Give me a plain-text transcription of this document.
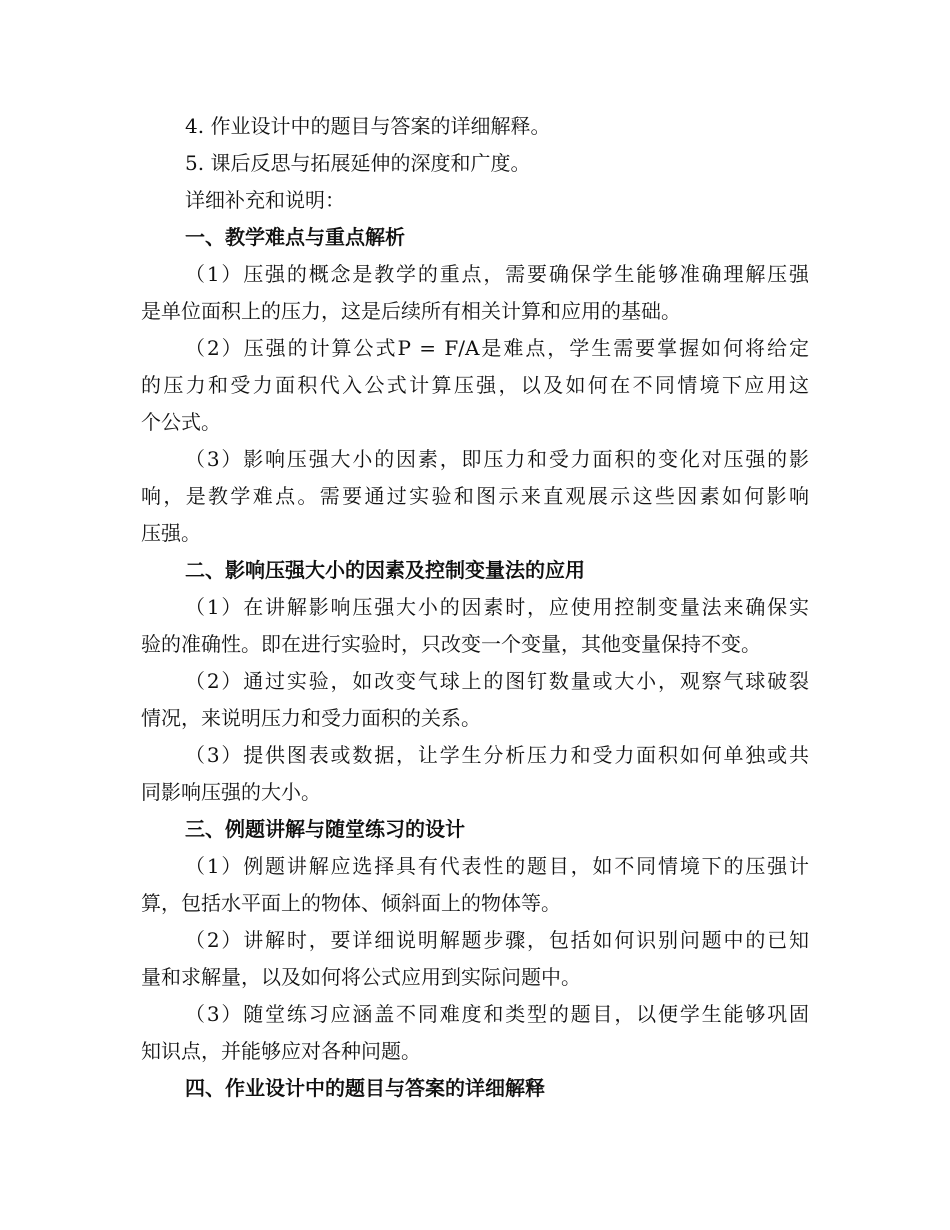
4. 作业设计中的题目与答案的详细解释。
5. 课后反思与拓展延伸的深度和广度。
详细补充和说明：
一、教学难点与重点解析
（1）压强的概念是教学的重点，需要确保学生能够准确理解压强
是单位面积上的压力，这是后续所有相关计算和应用的基础。
（2）压强的计算公式P = F/A是难点，学生需要掌握如何将给定
的压力和受力面积代入公式计算压强，以及如何在不同情境下应用这
个公式。
（3）影响压强大小的因素，即压力和受力面积的变化对压强的影
响，是教学难点。需要通过实验和图示来直观展示这些因素如何影响
压强。
二、影响压强大小的因素及控制变量法的应用
（1）在讲解影响压强大小的因素时，应使用控制变量法来确保实
验的准确性。即在进行实验时，只改变一个变量，其他变量保持不变。
（2）通过实验，如改变气球上的图钉数量或大小，观察气球破裂
情况，来说明压力和受力面积的关系。
（3）提供图表或数据，让学生分析压力和受力面积如何单独或共
同影响压强的大小。
三、例题讲解与随堂练习的设计
（1）例题讲解应选择具有代表性的题目，如不同情境下的压强计
算，包括水平面上的物体、倾斜面上的物体等。
（2）讲解时，要详细说明解题步骤，包括如何识别问题中的已知
量和求解量，以及如何将公式应用到实际问题中。
（3）随堂练习应涵盖不同难度和类型的题目，以便学生能够巩固
知识点，并能够应对各种问题。
四、作业设计中的题目与答案的详细解释
